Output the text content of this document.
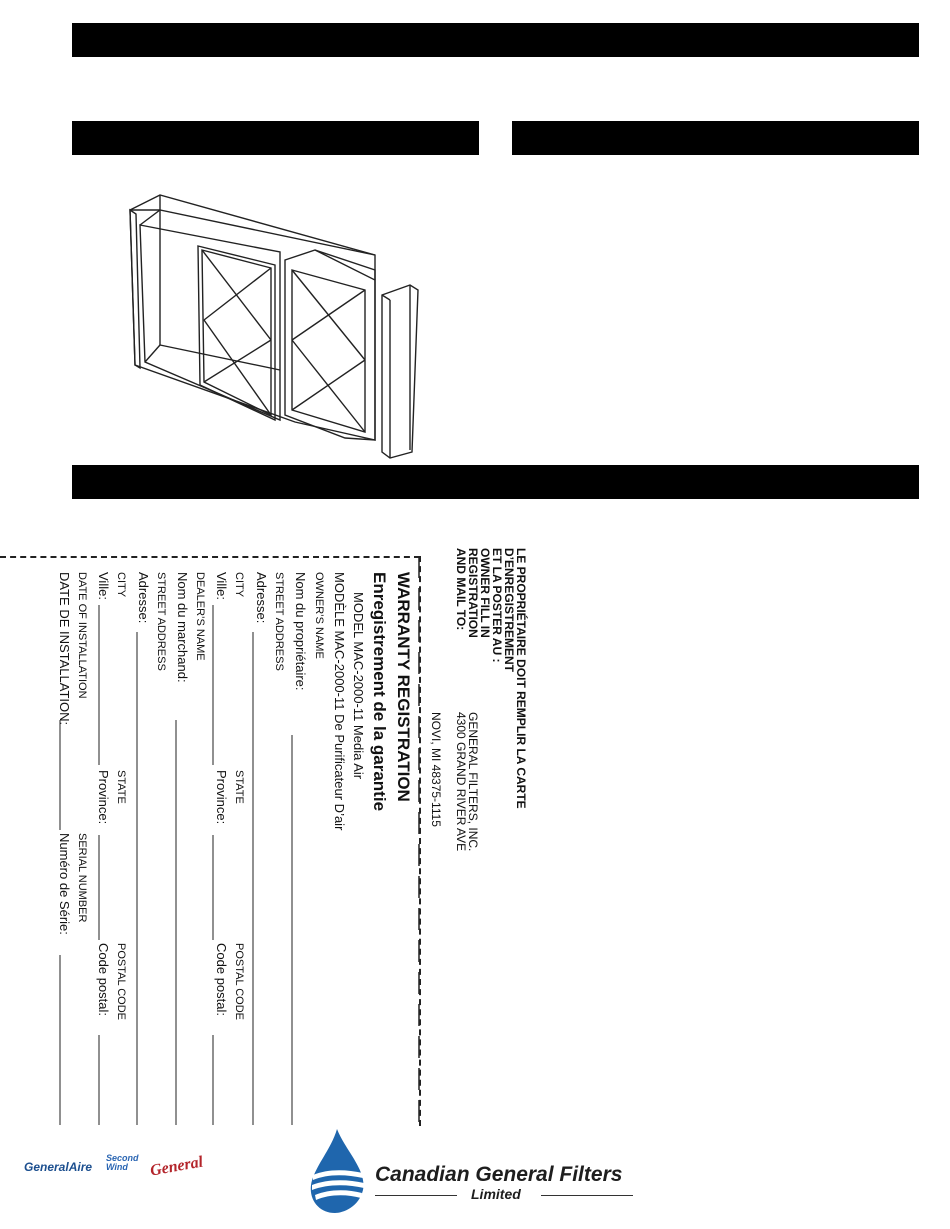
LE PROPRIÉTAIRE DOIT REMPLIR LA CARTE
D’ENREGISTREMENT
ET LA POSTER AU :
OWNER FILL IN
REGISTRATION
AND MAIL TO:
GENERAL FILTERS, INC.
4300 GRAND RIVER AVE
NOVI, MI 48375-1115
WARRANTY REGISTRATION
Enregistrement de la garantie
MODEL MAC-2000-11 Media Air
MODÈLE MAC-2000-11 De Purificateur D’air
OWNER’S NAME
Nom du propriétaire:
STREET ADDRESS
Adresse:
CITY
Ville:
STATE
Province:
POSTAL CODE
Code postal:
DEALER’S NAME
Nom du marchand:
STREET ADDRESS
Adresse:
CITY
Ville:
STATE
Province:
POSTAL CODE
Code postal:
DATE OF INSTALLATION
DATE DE INSTALLATION:
SERIAL NUMBER
Numéro de Série:
GeneralAire
Second Wind	General	Canadian General Filters
Limited
